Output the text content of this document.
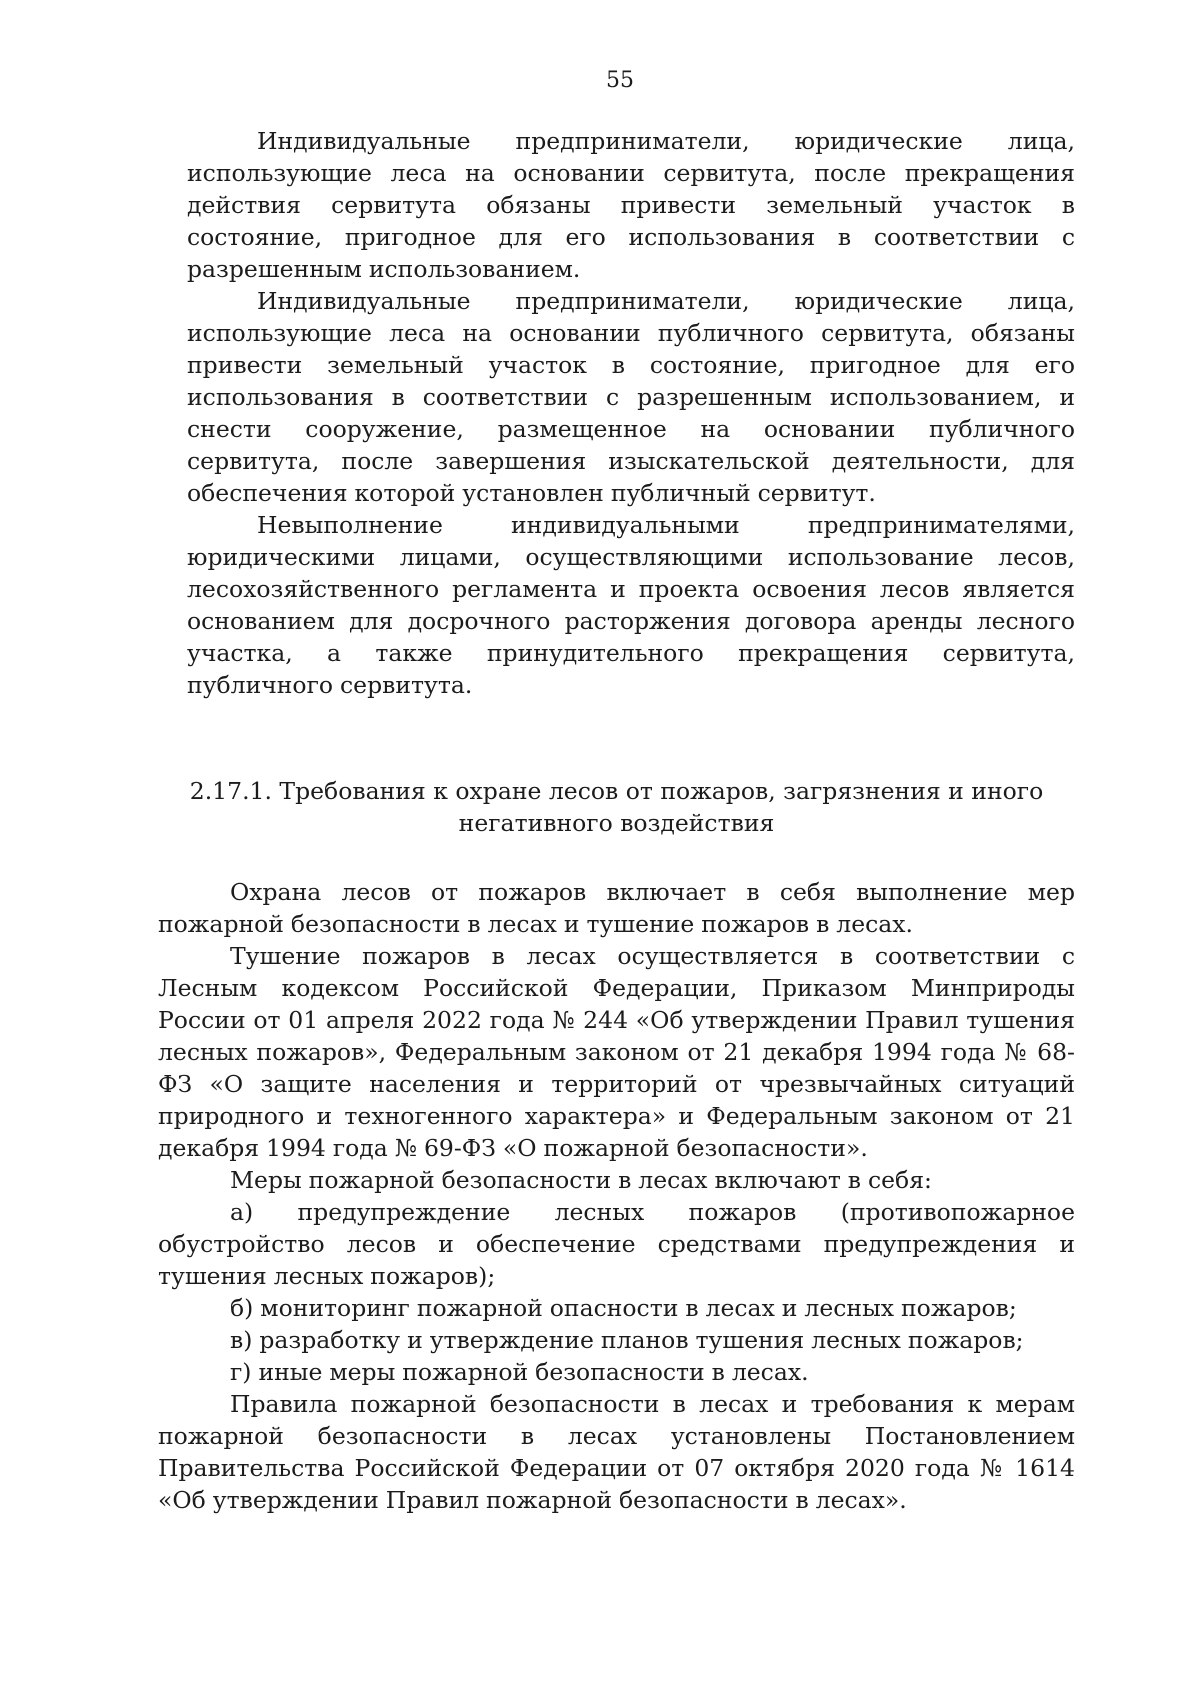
55

Индивидуальные предприниматели, юридические лица, использующие леса на основании сервитута, после прекращения действия сервитута обязаны привести земельный участок в состояние, пригодное для его использования в соответствии с разрешенным использованием.

Индивидуальные предприниматели, юридические лица, использующие леса на основании публичного сервитута, обязаны привести земельный участок в состояние, пригодное для его использования в соответствии с разрешенным использованием, и снести сооружение, размещенное на основании публичного сервитута, после завершения изыскательской деятельности, для обеспечения которой установлен публичный сервитут.

Невыполнение индивидуальными предпринимателями, юридическими лицами, осуществляющими использование лесов, лесохозяйственного регламента и проекта освоения лесов является основанием для досрочного расторжения договора аренды лесного участка, а также принудительного прекращения сервитута, публичного сервитута.

2.17.1. Требования к охране лесов от пожаров, загрязнения и иного
негативного воздействия

Охрана лесов от пожаров включает в себя выполнение мер пожарной безопасности в лесах и тушение пожаров в лесах.

Тушение пожаров в лесах осуществляется в соответствии с Лесным кодексом Российской Федерации, Приказом Минприроды России от 01 апреля 2022 года № 244 «Об утверждении Правил тушения лесных пожаров», Федеральным законом от 21 декабря 1994 года № 68-ФЗ «О защите населения и территорий от чрезвычайных ситуаций природного и техногенного характера» и Федеральным законом от 21 декабря 1994 года № 69-ФЗ «О пожарной безопасности».

Меры пожарной безопасности в лесах включают в себя:

а) предупреждение лесных пожаров (противопожарное обустройство лесов и обеспечение средствами предупреждения и тушения лесных пожаров);

б) мониторинг пожарной опасности в лесах и лесных пожаров;

в) разработку и утверждение планов тушения лесных пожаров;

г) иные меры пожарной безопасности в лесах.

Правила пожарной безопасности в лесах и требования к мерам пожарной безопасности в лесах установлены Постановлением Правительства Российской Федерации от 07 октября 2020 года № 1614 «Об утверждении Правил пожарной безопасности в лесах».
